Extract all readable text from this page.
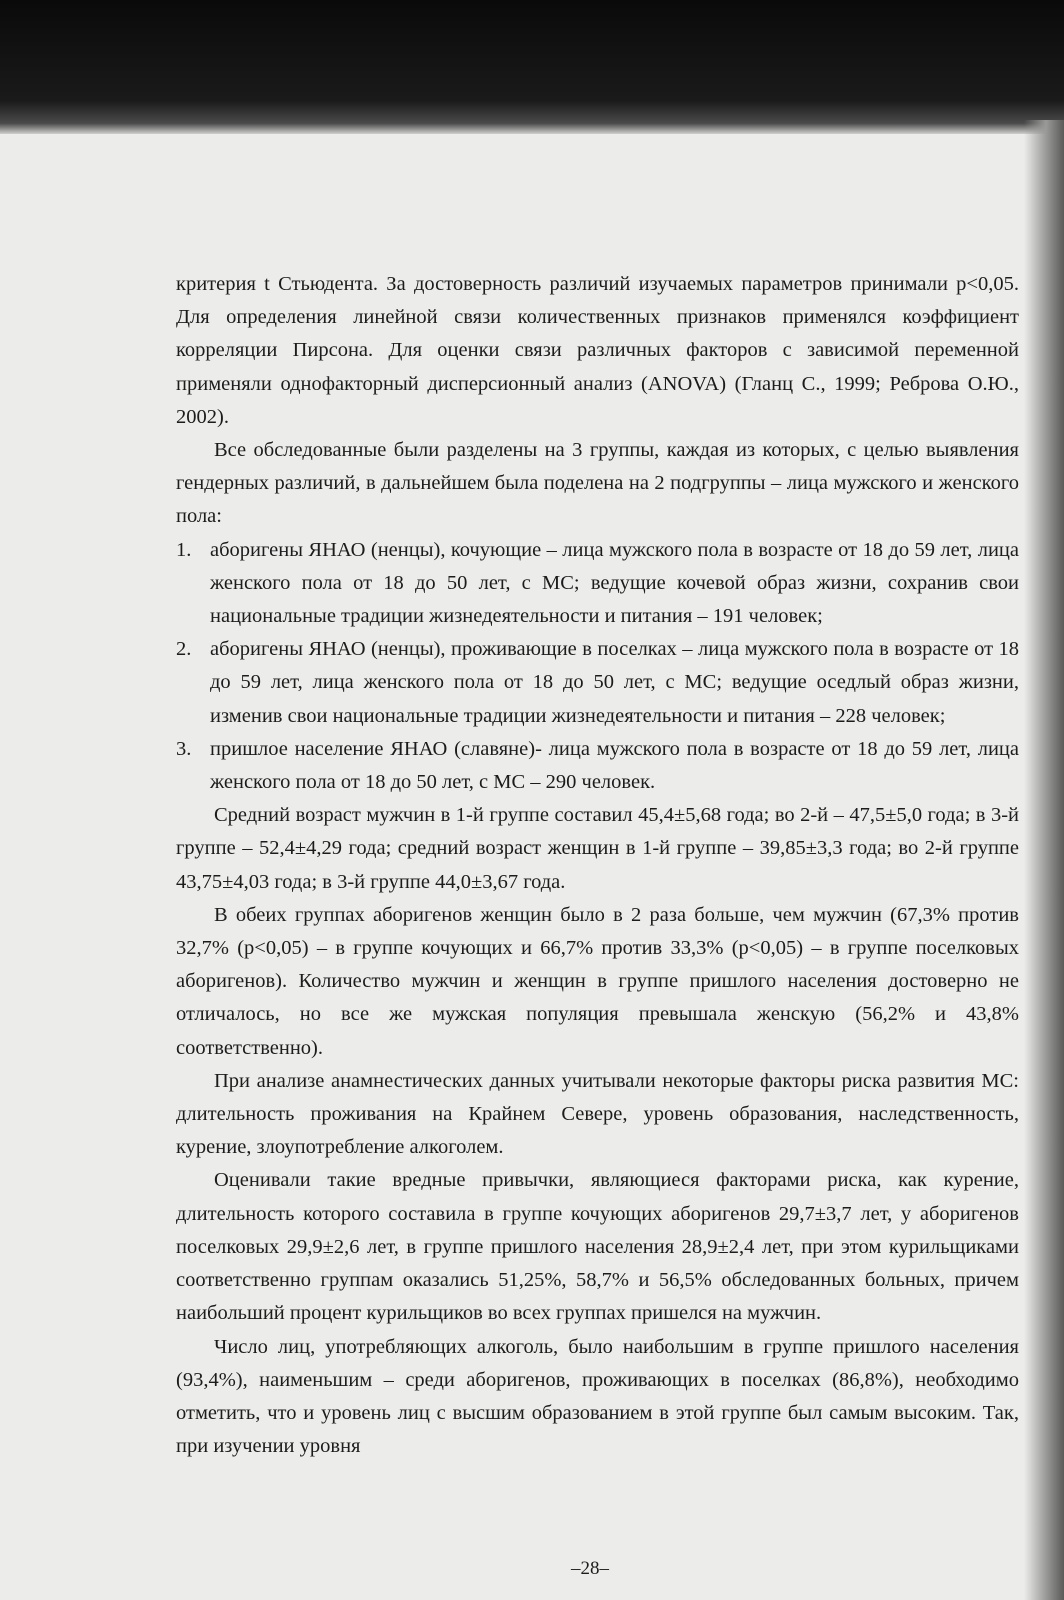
критерия t Стьюдента. За достоверность различий изучаемых параметров принимали p<0,05. Для определения линейной связи количественных признаков применялся коэффициент корреляции Пирсона. Для оценки связи различных факторов с зависимой переменной применяли однофакторный дисперсионный анализ (ANOVA) (Гланц С., 1999; Реброва О.Ю., 2002).

Все обследованные были разделены на 3 группы, каждая из которых, с целью выявления гендерных различий, в дальнейшем была поделена на 2 подгруппы – лица мужского и женского пола:

1. аборигены ЯНАО (ненцы), кочующие – лица мужского пола в возрасте от 18 до 59 лет, лица женского пола от 18 до 50 лет, с МС; ведущие кочевой образ жизни, сохранив свои национальные традиции жизнедеятельности и питания – 191 человек;
2. аборигены ЯНАО (ненцы), проживающие в поселках – лица мужского пола в возрасте от 18 до 59 лет, лица женского пола от 18 до 50 лет, с МС; ведущие оседлый образ жизни, изменив свои национальные традиции жизнедеятельности и питания – 228 человек;
3. пришлое население ЯНАО (славяне)- лица мужского пола в возрасте от 18 до 59 лет, лица женского пола от 18 до 50 лет, с МС – 290 человек.

Средний возраст мужчин в 1-й группе составил 45,4±5,68 года; во 2-й – 47,5±5,0 года; в 3-й группе – 52,4±4,29 года; средний возраст женщин в 1-й группе – 39,85±3,3 года; во 2-й группе 43,75±4,03 года; в 3-й группе 44,0±3,67 года.

В обеих группах аборигенов женщин было в 2 раза больше, чем мужчин (67,3% против 32,7% (p<0,05) – в группе кочующих и 66,7% против 33,3% (p<0,05) – в группе поселковых аборигенов). Количество мужчин и женщин в группе пришлого населения достоверно не отличалось, но все же мужская популяция превышала женскую (56,2% и 43,8% соответственно).

При анализе анамнестических данных учитывали некоторые факторы риска развития МС: длительность проживания на Крайнем Севере, уровень образования, наследственность, курение, злоупотребление алкоголем.

Оценивали такие вредные привычки, являющиеся факторами риска, как курение, длительность которого составила в группе кочующих аборигенов 29,7±3,7 лет, у аборигенов поселковых 29,9±2,6 лет, в группе пришлого населения 28,9±2,4 лет, при этом курильщиками соответственно группам оказались 51,25%, 58,7% и 56,5% обследованных больных, причем наибольший процент курильщиков во всех группах пришелся на мужчин.

Число лиц, употребляющих алкоголь, было наибольшим в группе пришлого населения (93,4%), наименьшим – среди аборигенов, проживающих в поселках (86,8%), необходимо отметить, что и уровень лиц с высшим образованием в этой группе был самым высоким. Так, при изучении уровня

–28–
